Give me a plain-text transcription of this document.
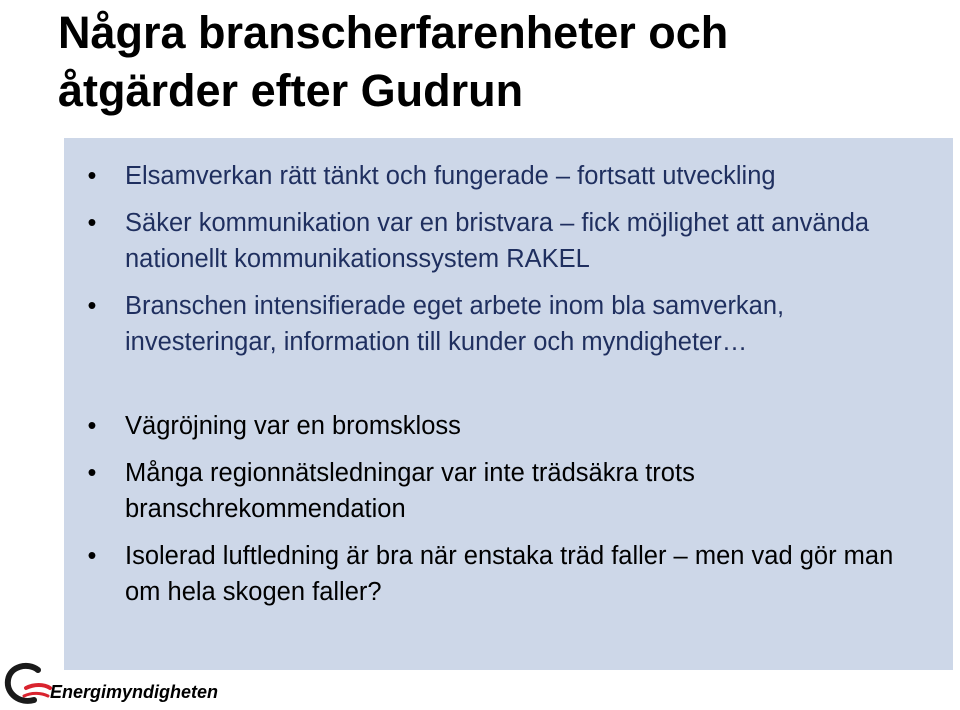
Några branscherfarenheter och
åtgärder efter Gudrun
• Elsamverkan rätt tänkt och fungerade – fortsatt utveckling
• Säker kommunikation var en bristvara – fick möjlighet att använda nationellt kommunikationssystem RAKEL
• Branschen intensifierade eget arbete inom bla samverkan, investeringar, information till kunder och myndigheter…
• Vägröjning var en bromskloss
• Många regionnätsledningar var inte trädsäkra trots branschrekommendation
• Isolerad luftledning är bra när enstaka träd faller – men vad gör man om hela skogen faller?
Energimyndigheten
